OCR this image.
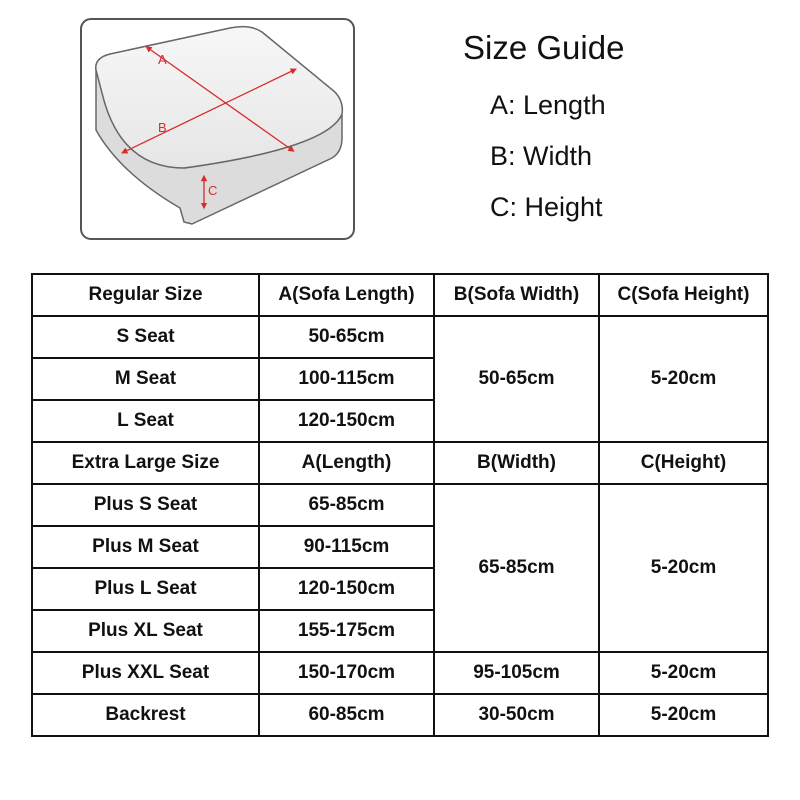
A
B
C
Size Guide
A: Length
B: Width
C: Height
Regular Size	A(Sofa Length)	B(Sofa Width)	C(Sofa Height)
S Seat	50-65cm	50-65cm	5-20cm
M Seat	100-115cm		
L Seat	120-150cm		
Extra Large Size	A(Length)	B(Width)	C(Height)
Plus S Seat	65-85cm	65-85cm	5-20cm
Plus M Seat	90-115cm		
Plus L Seat	120-150cm		
Plus XL Seat	155-175cm		
Plus XXL Seat	150-170cm	95-105cm	5-20cm
Backrest	60-85cm	30-50cm	5-20cm
